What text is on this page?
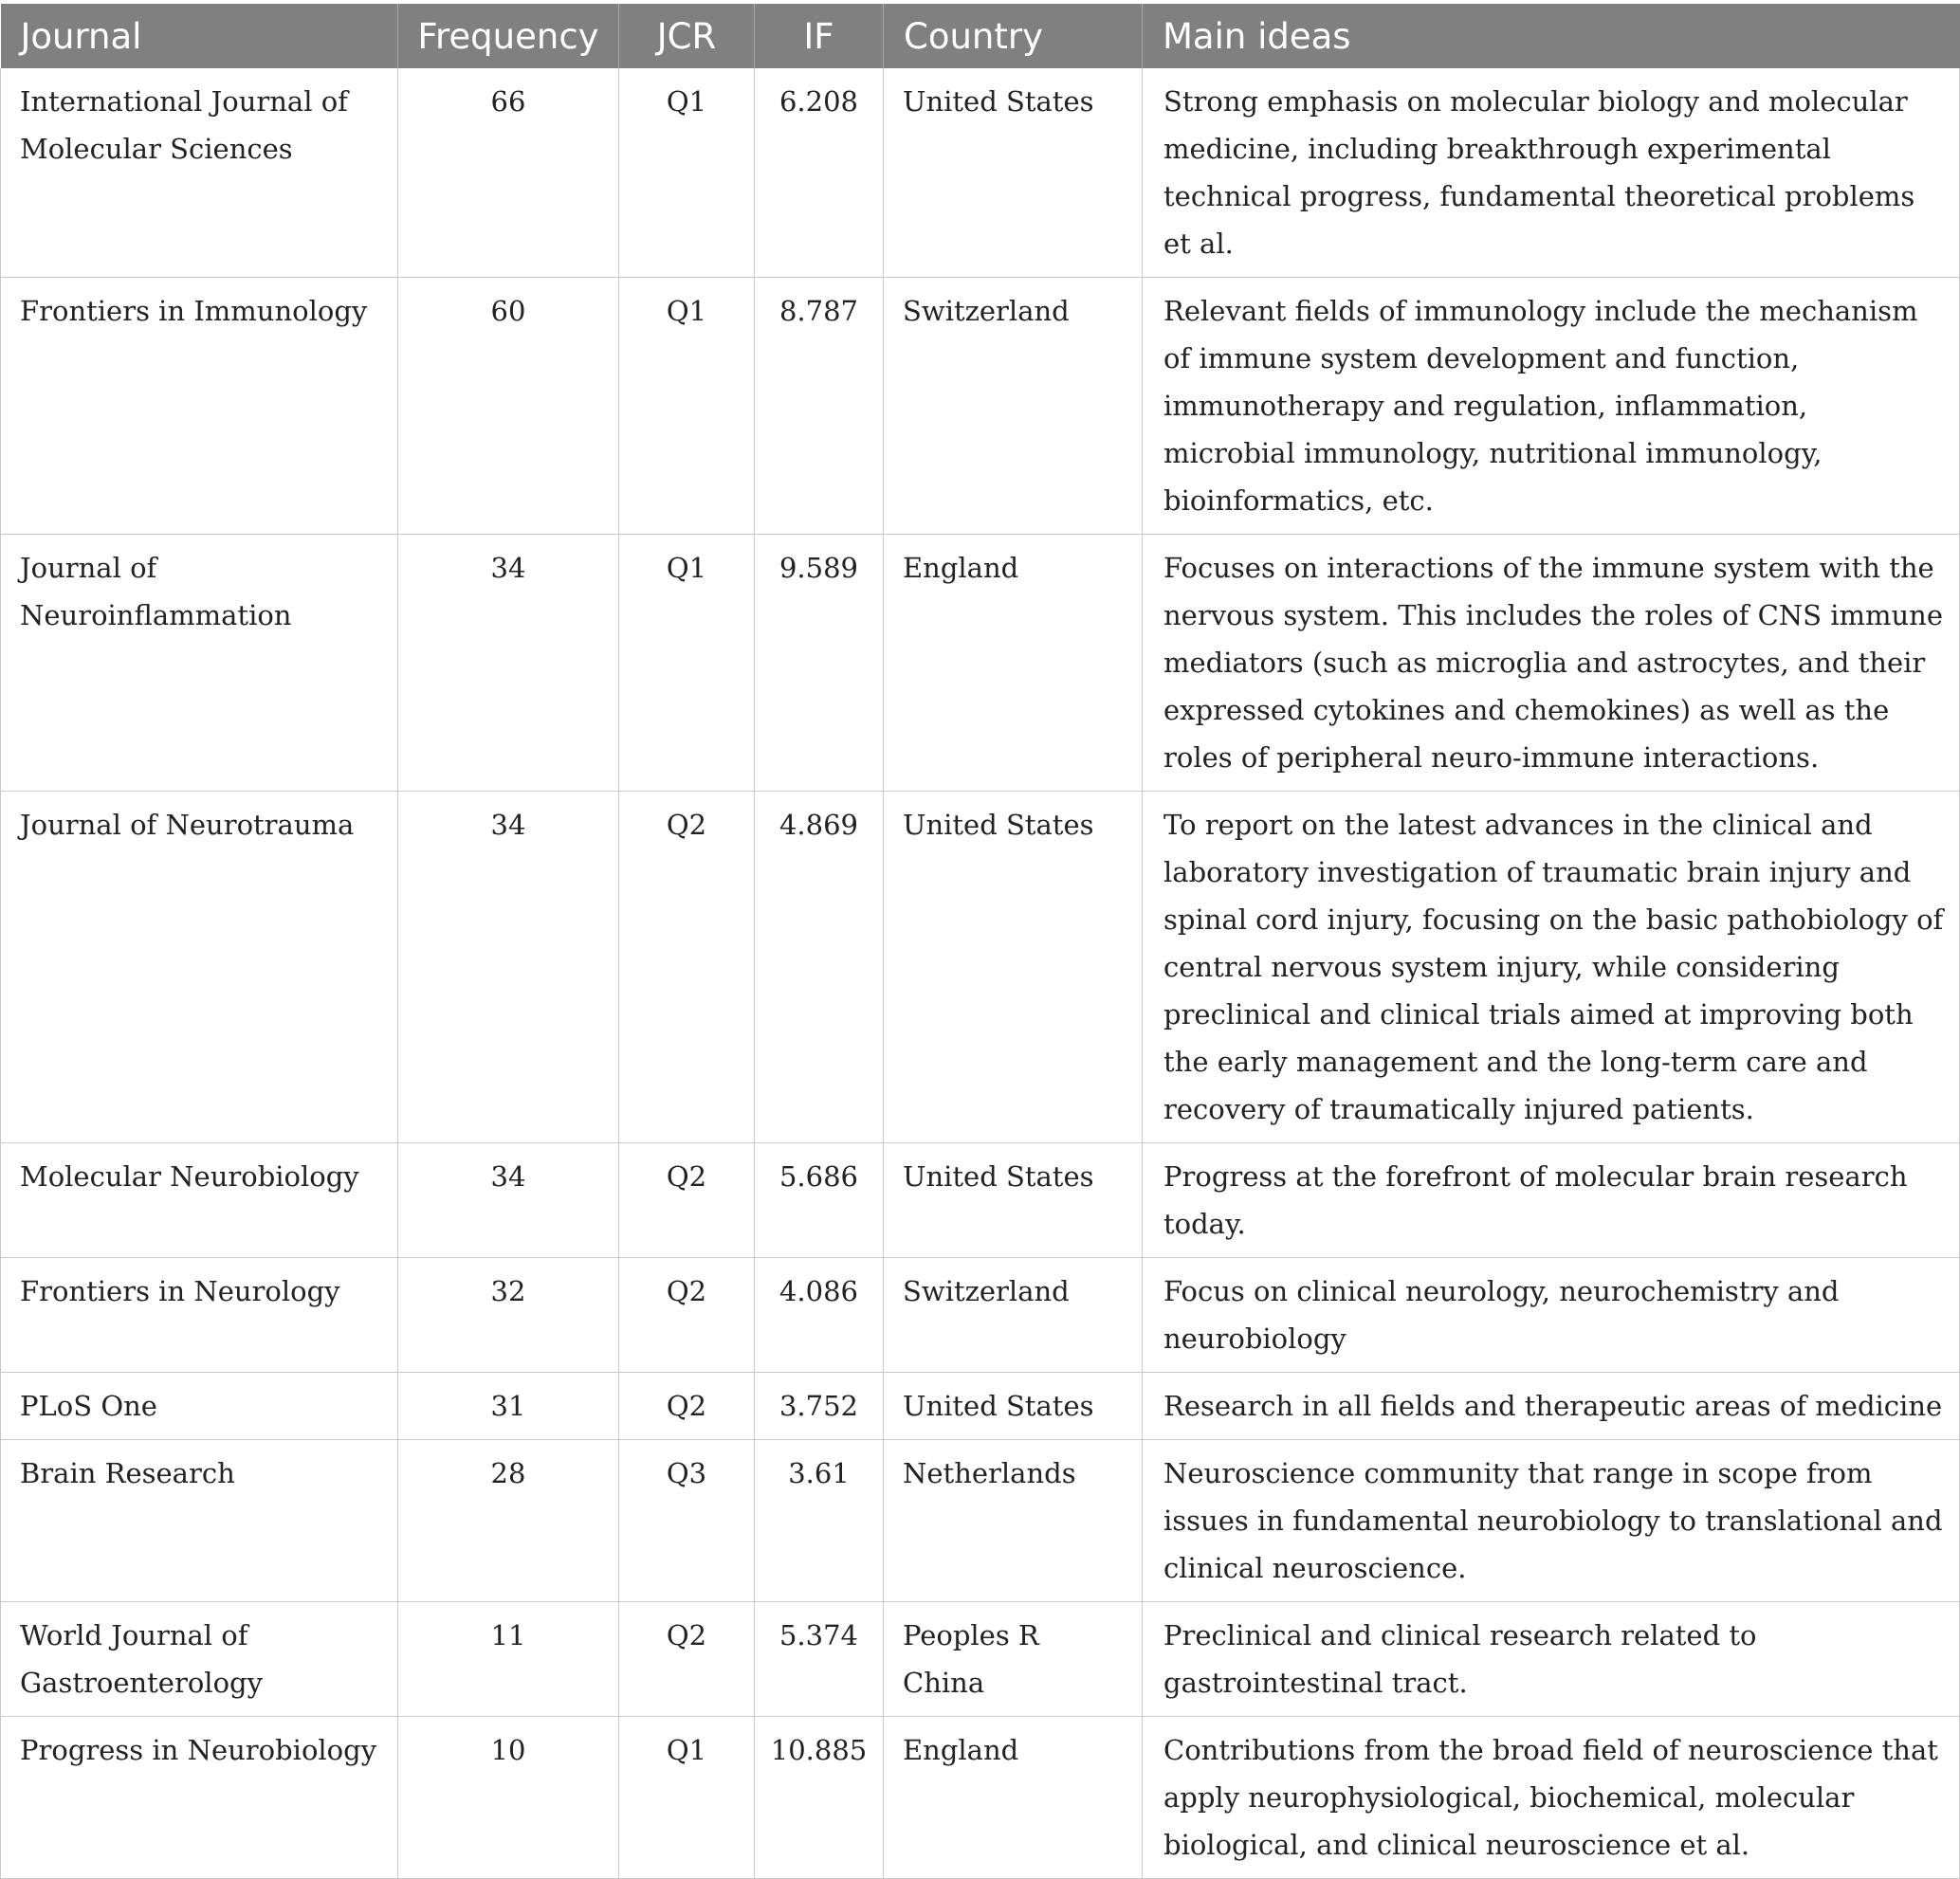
Journal	Frequency	JCR	IF	Country	Main ideas
International Journal of Molecular Sciences	66	Q1	6.208	United States	Strong emphasis on molecular biology and molecular medicine, including breakthrough experimental technical progress, fundamental theoretical problems et al.
Frontiers in Immunology	60	Q1	8.787	Switzerland	Relevant fields of immunology include the mechanism of immune system development and function, immunotherapy and regulation, inflammation, microbial immunology, nutritional immunology, bioinformatics, etc.
Journal of Neuroinflammation	34	Q1	9.589	England	Focuses on interactions of the immune system with the nervous system. This includes the roles of CNS immune mediators (such as microglia and astrocytes, and their expressed cytokines and chemokines) as well as the roles of peripheral neuro-immune interactions.
Journal of Neurotrauma	34	Q2	4.869	United States	To report on the latest advances in the clinical and laboratory investigation of traumatic brain injury and spinal cord injury, focusing on the basic pathobiology of central nervous system injury, while considering preclinical and clinical trials aimed at improving both the early management and the long-term care and recovery of traumatically injured patients.
Molecular Neurobiology	34	Q2	5.686	United States	Progress at the forefront of molecular brain research today.
Frontiers in Neurology	32	Q2	4.086	Switzerland	Focus on clinical neurology, neurochemistry and neurobiology
PLoS One	31	Q2	3.752	United States	Research in all fields and therapeutic areas of medicine
Brain Research	28	Q3	3.61	Netherlands	Neuroscience community that range in scope from issues in fundamental neurobiology to translational and clinical neuroscience.
World Journal of Gastroenterology	11	Q2	5.374	Peoples R China	Preclinical and clinical research related to gastrointestinal tract.
Progress in Neurobiology	10	Q1	10.885	England	Contributions from the broad field of neuroscience that apply neurophysiological, biochemical, molecular biological, and clinical neuroscience et al.
